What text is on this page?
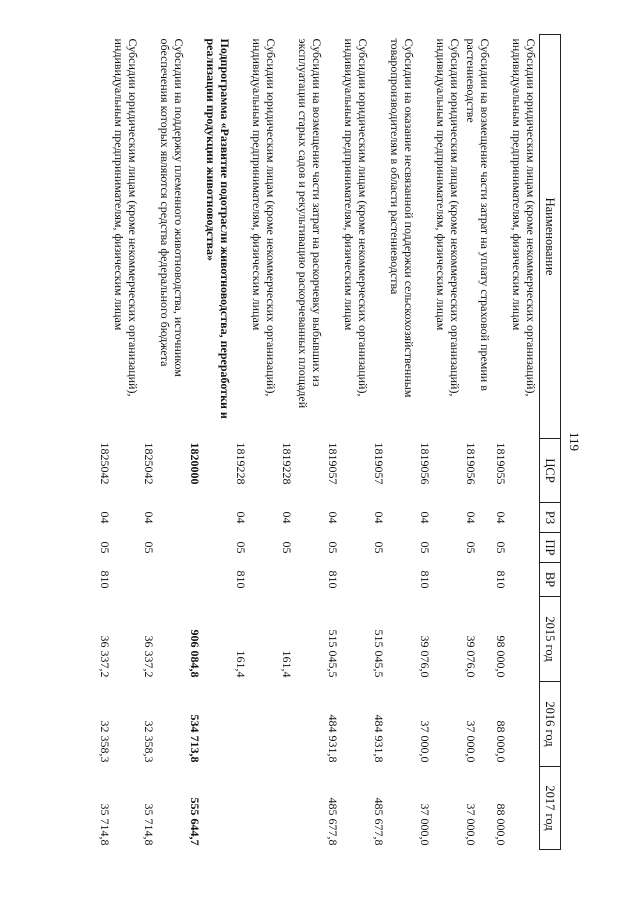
119
Наименование	ЦСР	РЗ	ПР	ВР	2015 год	2016 год	2017 год
Субсидии юридическим лицам (кроме некоммерческих организаций), индивидуальным предпринимателям, физическим лицам	1819055	04	05	810	98 000,0	88 000,0	88 000,0
Субсидии на возмещение части затрат на уплату страховой премии в растениеводстве	1819056	04	05		39 076,0	37 000,0	37 000,0
Субсидии юридическим лицам (кроме некоммерческих организаций), индивидуальным предпринимателям, физическим лицам	1819056	04	05	810	39 076,0	37 000,0	37 000,0
Субсидии на оказание несвязанной поддержки сельскохозяйственным товаропроизводителям в области растениеводства	1819057	04	05		515 045,5	484 931,8	485 677,8
Субсидии юридическим лицам (кроме некоммерческих организаций), индивидуальным предпринимателям, физическим лицам	1819057	04	05	810	515 045,5	484 931,8	485 677,8
Субсидии на возмещение части затрат на раскорчевку выбывших из эксплуатации старых садов и рекультивацию раскорчеванных площадей	1819228	04	05		161,4		
Субсидии юридическим лицам (кроме некоммерческих организаций), индивидуальным предпринимателям, физическим лицам	1819228	04	05	810	161,4		
Подпрограмма «Развитие подотрасли животноводства, переработки и реализации продукции животноводства»	1820000				906 084,8	534 713,8	555 644,7
Субсидии на поддержку племенного животноводства, источником обеспечения которых являются средства федерального бюджета	1825042	04	05		36 337,2	32 358,3	35 714,8
Субсидии юридическим лицам (кроме некоммерческих организаций), индивидуальным предпринимателям, физическим лицам	1825042	04	05	810	36 337,2	32 358,3	35 714,8
